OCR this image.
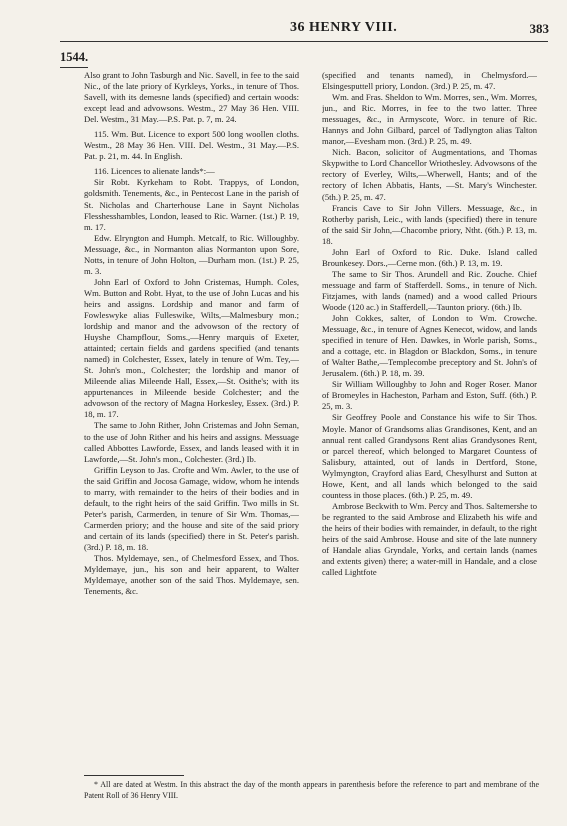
36 HENRY VIII.	383
1544.

Also grant to John Tasburgh and Nic. Savell, in fee to the said Nic., of the late priory of Kyrkleys, Yorks., in tenure of Thos. Savell, with its demesne lands (specified) and certain woods: except lead and advowsons. Westm., 27 May 36 Hen. VIII. Del. Westm., 31 May.—P.S. Pat. p. 7, m. 24.

115. Wm. But. Licence to export 500 long woollen cloths. Westm., 28 May 36 Hen. VIII. Del. Westm., 31 May.—P.S. Pat. p. 21, m. 44. In English.

116. Licences to alienate lands*:—

Sir Robt. Kyrkeham to Robt. Trappys, of London, goldsmith. Tenements, &c., in Pentecost Lane in the parish of St. Nicholas and Charterhouse Lane in Saynt Nicholas Flesshesshambles, London, leased to Ric. Warner. (1st.) P. 19, m. 17.

Edw. Elryngton and Humph. Metcalf, to Ric. Willoughby. Messuage, &c., in Normanton alias Normanton upon Sore, Notts, in tenure of John Holton, —Durham mon. (1st.) P. 25, m. 3.

John Earl of Oxford to John Cristemas, Humph. Coles, Wm. Button and Robt. Hyat, to the use of John Lucas and his heirs and assigns. Lordship and manor and farm of Fowleswyke alias Fulleswike, Wilts,—Malmesbury mon.; lordship and manor and the advowson of the rectory of Huyshe Champflour, Soms.,—Henry marquis of Exeter, attainted; certain fields and gardens specified (and tenants named) in Colchester, Essex, lately in tenure of Wm. Tey,—St. John's mon., Colchester; the lordship and manor of Mileende alias Mileende Hall, Essex,—St. Osithe's; with its appurtenances in Mileende beside Colchester; and the advowson of the rectory of Magna Horkesley, Essex. (3rd.) P. 18, m. 17.

The same to John Rither, John Cristemas and John Seman, to the use of John Rither and his heirs and assigns. Messuage called Abbottes Lawforde, Essex, and lands leased with it in Lawforde,—St. John's mon., Colchester. (3rd.) Ib.

Griffin Leyson to Jas. Crofte and Wm. Awler, to the use of the said Griffin and Jocosa Gamage, widow, whom he intends to marry, with remainder to the heirs of their bodies and in default, to the right heirs of the said Griffin. Two mills in St. Peter's parish, Carmerden, in tenure of Sir Wm. Thomas,—Carmerden priory; and the house and site of the said priory and certain of its lands (specified) there in St. Peter's parish. (3rd.) P. 18, m. 18.

Thos. Myldemaye, sen., of Chelmesford Essex, and Thos. Myldemaye, jun., his son and heir apparent, to Walter Myldemaye, another son of the said Thos. Myldemaye, sen. Tenements, &c.

(specified and tenants named), in Chelmysford.—Elsingesputtell priory, London. (3rd.) P. 25, m. 47.

Wm. and Fras. Sheldon to Wm. Morres, sen., Wm. Morres, jun., and Ric. Morres, in fee to the two latter. Three messuages, &c., in Armyscote, Worc. in tenure of Ric. Hannys and John Gilbard, parcel of Tadlyngton alias Talton manor,—Evesham mon. (3rd.) P. 25, m. 49.

Nich. Bacon, solicitor of Augmentations, and Thomas Skypwithe to Lord Chancellor Wriothesley. Advowsons of the rectory of Everley, Wilts,—Wherwell, Hants; and of the rectory of Ichen Abbatis, Hants, —St. Mary's Winchester. (5th.) P. 25, m. 47.

Francis Cave to Sir John Villers. Messuage, &c., in Rotherby parish, Leic., with lands (specified) there in tenure of the said Sir John,—Chacombe priory, Ntht. (6th.) P. 13, m. 18.

John Earl of Oxford to Ric. Duke. Island called Brounkesey. Dors.,—Cerne mon. (6th.) P. 13, m. 19.

The same to Sir Thos. Arundell and Ric. Zouche. Chief messuage and farm of Stafferdell. Soms., in tenure of Nich. Fitzjames, with lands (named) and a wood called Priours Woode (120 ac.) in Stafferdell,—Taunton priory. (6th.) Ib.

John Cokkes, salter, of London to Wm. Crowche. Messuage, &c., in tenure of Agnes Kenecot, widow, and lands specified in tenure of Hen. Dawkes, in Worle parish, Soms., and a cottage, etc. in Blagdon or Blackdon, Soms., in tenure of Walter Bathe,—Templecombe preceptory and St. John's of Jerusalem. (6th.) P. 18, m. 39.

Sir William Willoughby to John and Roger Roser. Manor of Bromeyles in Hacheston, Parham and Eston, Suff. (6th.) P. 25, m. 3.

Sir Geoffrey Poole and Constance his wife to Sir Thos. Moyle. Manor of Grandsoms alias Grandisones, Kent, and an annual rent called Grandysons Rent alias Grandysones Rent, or parcel thereof, which belonged to Margaret Countess of Salisbury, attainted, out of lands in Dertford, Stone, Wylmyngton, Crayford alias Eard, Chesylhurst and Sutton at Howe, Kent, and all lands which belonged to the said countess in those places. (6th.) P. 25, m. 49.

Ambrose Beckwith to Wm. Percy and Thos. Saltemershe to be regranted to the said Ambrose and Elizabeth his wife and the heirs of their bodies with remainder, in default, to the right heirs of the said Ambrose. House and site of the late nunnery of Handale alias Gryndale, Yorks, and certain lands (names and extents given) there; a water-mill in Handale, and a close called Lightfote

* All are dated at Westm. In this abstract the day of the month appears in parenthesis before the reference to part and membrane of the Patent Roll of 36 Henry VIII.
